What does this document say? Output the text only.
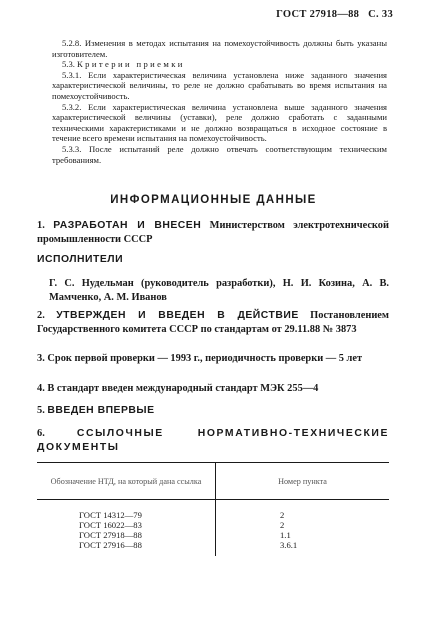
ГОСТ 27918—88 С. 33

5.2.8. Изменения в методах испытания на помехоустойчивость должны быть указаны изготовителем.

5.3. Критерии приемки

5.3.1. Если характеристическая величина установлена ниже заданного значения характеристической величины, то реле не должно срабатывать во время испытания на помехоустойчивость.

5.3.2. Если характеристическая величина установлена выше заданного значения характеристической величины (уставки), реле должно сработать с заданными техническими характеристиками и не должно возвращаться в исходное состояние в течение всего времени испытания на помехоустойчивость.

5.3.3. После испытаний реле должно отвечать соответствующим техническим требованиям.

ИНФОРМАЦИОННЫЕ ДАННЫЕ

1. РАЗРАБОТАН И ВНЕСЕН Министерством электротехнической промышленности СССР

ИСПОЛНИТЕЛИ
Г. С. Нудельман (руководитель разработки), Н. И. Козина, А. В. Мамченко, А. М. Иванов
2. УТВЕРЖДЕН И ВВЕДЕН В ДЕЙСТВИЕ Постановлением Государственного комитета СССР по стандартам от 29.11.88 № 3873
3. Срок первой проверки — 1993 г., периодичность проверки — 5 лет
4. В стандарт введен международный стандарт МЭК 255—4
5. ВВЕДЕН ВПЕРВЫЕ
6.	ССЫЛОЧНЫЕ НОРМАТИВНО-ТЕХНИЧЕСКИЕ ДОКУМЕНТЫ
Обозначение НТД, на который дана ссылка	Номер пункта
ГОСТ 14312—79	2
ГОСТ 16022—83	2
ГОСТ 27918—88	1.1
ГОСТ 27916—88	3.6.1
